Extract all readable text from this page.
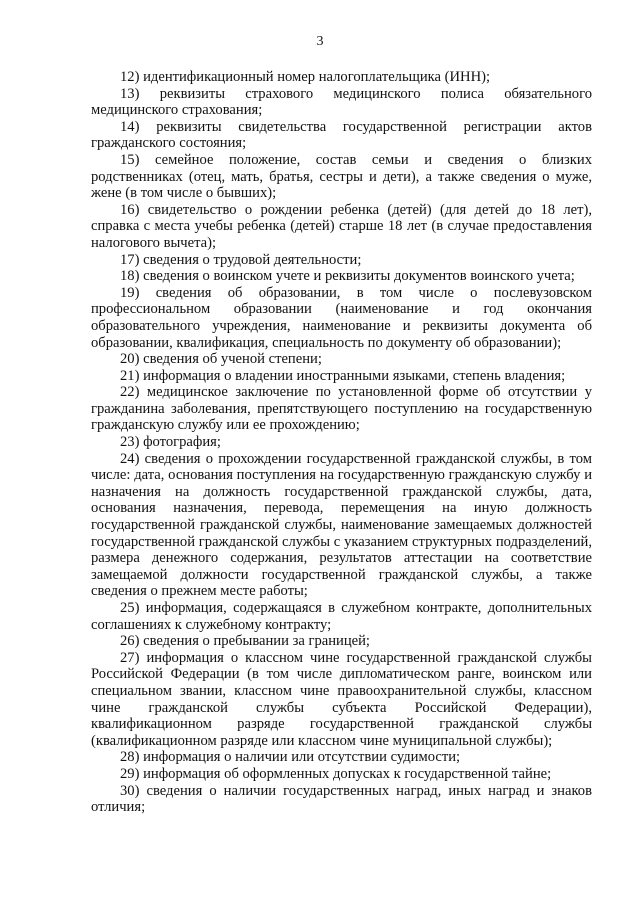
3

12) идентификационный номер налогоплательщика (ИНН);

13) реквизиты страхового медицинского полиса обязательного медицинского страхования;

14) реквизиты свидетельства государственной регистрации актов гражданского состояния;

15) семейное положение, состав семьи и сведения о близких родственниках (отец, мать, братья, сестры и дети), а также сведения о муже, жене (в том числе о бывших);

16) свидетельство о рождении ребенка (детей) (для детей до 18 лет), справка с места учебы ребенка (детей) старше 18 лет (в случае предоставления налогового вычета);

17) сведения о трудовой деятельности;

18) сведения о воинском учете и реквизиты документов воинского учета;

19) сведения об образовании, в том числе о послевузовском профессиональном образовании (наименование и год окончания образовательного учреждения, наименование и реквизиты документа об образовании, квалификация, специальность по документу об образовании);

20) сведения об ученой степени;

21) информация о владении иностранными языками, степень владения;

22) медицинское заключение по установленной форме об отсутствии у гражданина заболевания, препятствующего поступлению на государственную гражданскую службу или ее прохождению;

23) фотография;

24) сведения о прохождении государственной гражданской службы, в том числе: дата, основания поступления на государственную гражданскую службу и назначения на должность государственной гражданской службы, дата, основания назначения, перевода, перемещения на иную должность государственной гражданской службы, наименование замещаемых должностей государственной гражданской службы с указанием структурных подразделений, размера денежного содержания, результатов аттестации на соответствие замещаемой должности государственной гражданской службы, а также сведения о прежнем месте работы;

25) информация, содержащаяся в служебном контракте, дополнительных соглашениях к служебному контракту;

26) сведения о пребывании за границей;

27) информация о классном чине государственной гражданской службы Российской Федерации (в том числе дипломатическом ранге, воинском или специальном звании, классном чине правоохранительной службы, классном чине гражданской службы субъекта Российской Федерации), квалификационном разряде государственной гражданской службы (квалификационном разряде или классном чине муниципальной службы);

28) информация о наличии или отсутствии судимости;

29) информация об оформленных допусках к государственной тайне;

30) сведения о наличии государственных наград, иных наград и знаков отличия;
